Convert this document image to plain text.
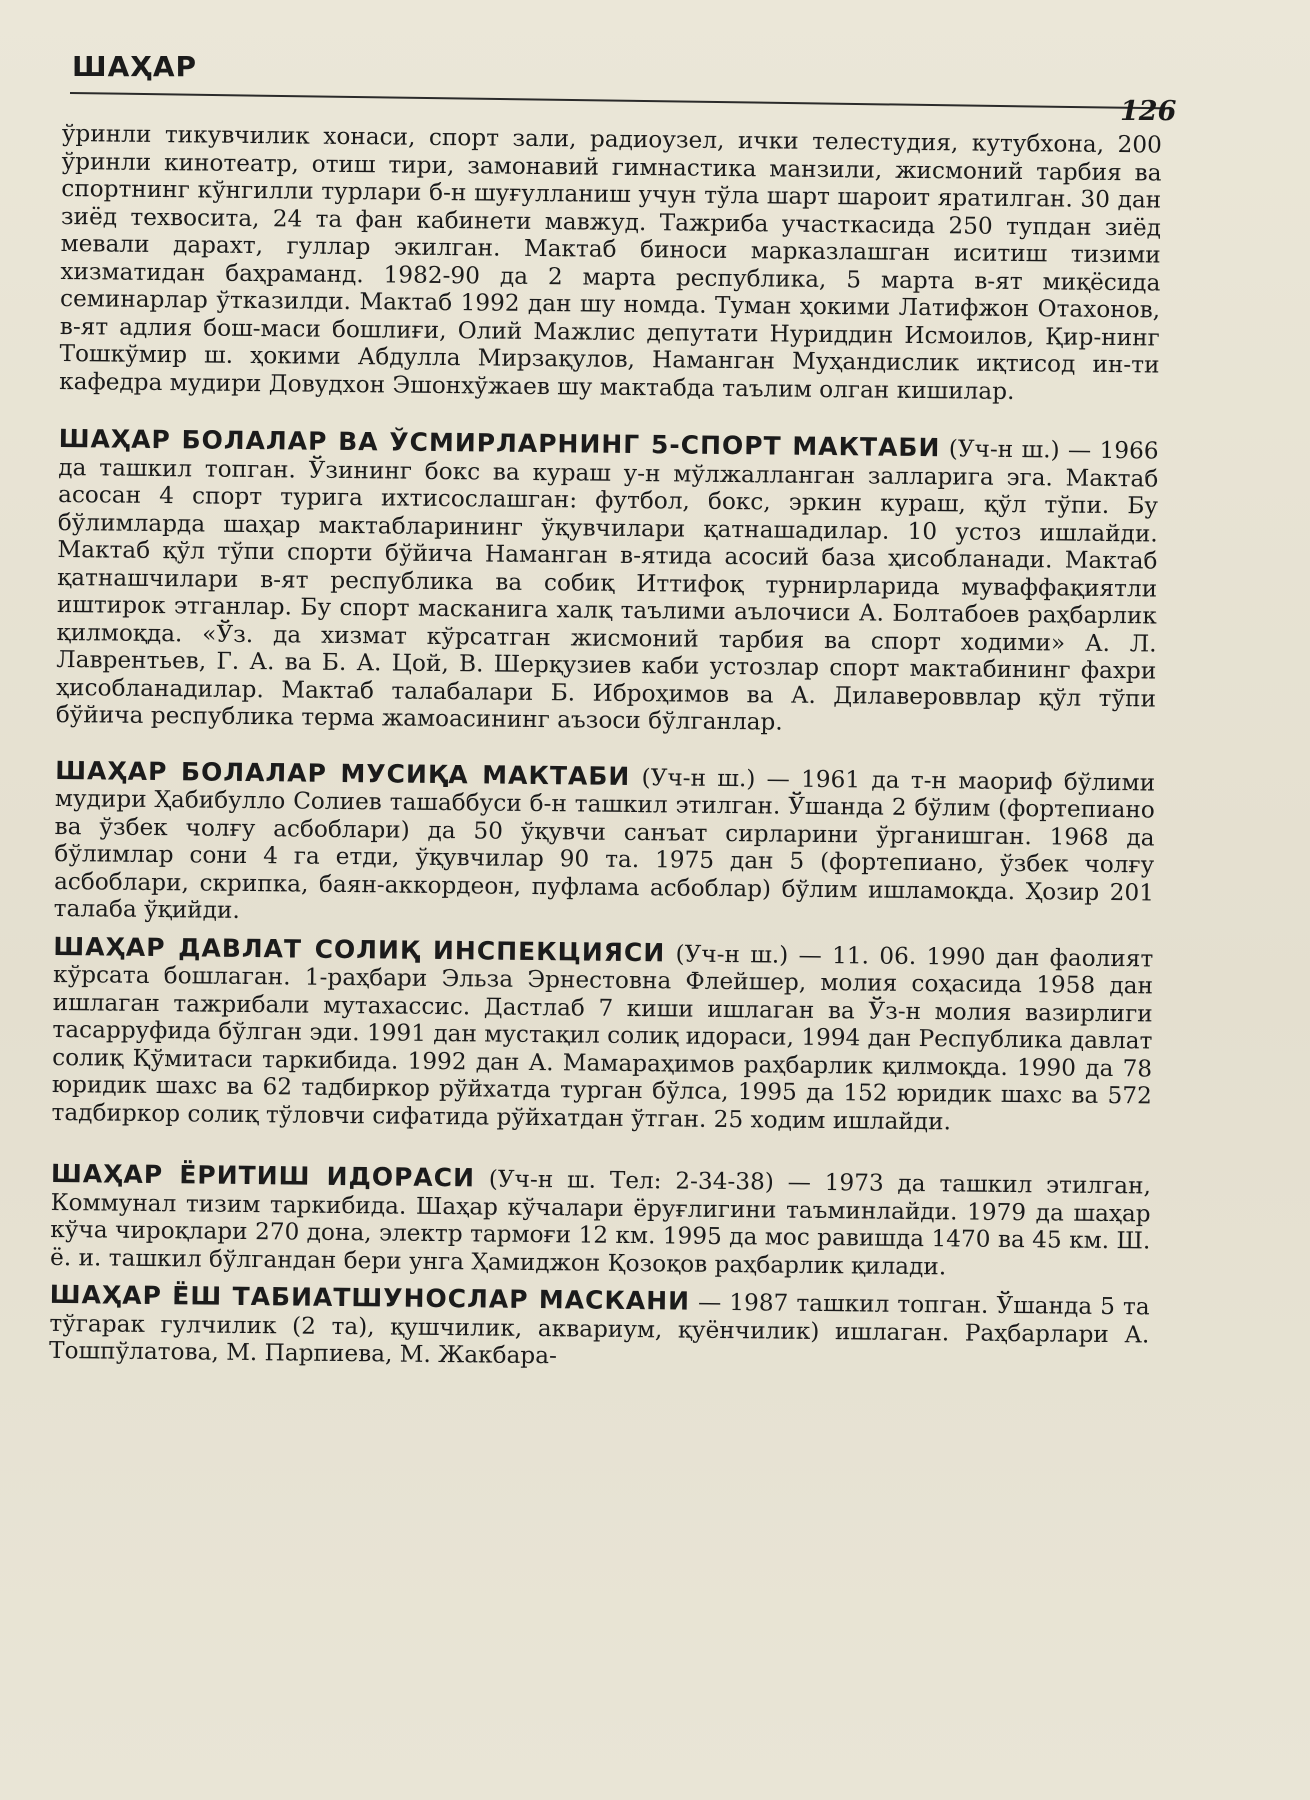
ШАҲАР
126

ўринли тикувчилик хонаси, спорт зали, радиоузел, ички телестудия, кутубхона, 200 ўринли кинотеатр, отиш тири, замонавий гимнастика манзили, жисмоний тарбия ва спортнинг кўнгилли турлари б-н шуғулланиш учун тўла шарт шароит яратилган. 30 дан зиёд техвосита, 24 та фан кабинети мавжуд. Тажриба участкасида 250 тупдан зиёд мевали дарахт, гуллар экилган. Мактаб биноси марказлашган иситиш тизими хизматидан баҳраманд. 1982-90 да 2 марта республика, 5 марта в-ят миқёсида семинарлар ўтказилди. Мактаб 1992 дан шу номда. Туман ҳокими Латифжон Отахонов, в-ят адлия бош-маси бошлиғи, Олий Мажлис депутати Нуриддин Исмоилов, Қир-нинг Тошкўмир ш. ҳокими Абдулла Мирзақулов, Наманган Муҳандислик иқтисод ин-ти кафедра мудири Довудхон Эшонхўжаев шу мактабда таълим олган кишилар.

ШАҲАР БОЛАЛАР ВА ЎСМИРЛАРНИНГ 5-СПОРТ МАКТАБИ (Уч-н ш.) — 1966 да ташкил топган. Ўзининг бокс ва кураш у-н мўлжалланган залларига эга. Мактаб асосан 4 спорт турига ихтисослашган: футбол, бокс, эркин кураш, қўл тўпи. Бу бўлимларда шаҳар мактабларининг ўқувчилари қатнашадилар. 10 устоз ишлайди. Мактаб қўл тўпи спорти бўйича Наманган в-ятида асосий база ҳисобланади. Мактаб қатнашчилари в-ят республика ва собиқ Иттифоқ турнирларида муваффақиятли иштирок этганлар. Бу спорт масканига халқ таълими аълочиси А. Болтабоев раҳбарлик қилмоқда. «Ўз. да хизмат кўрсатган жисмоний тарбия ва спорт ходими» А. Л. Лаврентьев, Г. А. ва Б. А. Цой, В. Шерқузиев каби устозлар спорт мактабининг фахри ҳисобланадилар. Мактаб талабалари Б. Иброҳимов ва А. Дилавероввлар қўл тўпи бўйича республика терма жамоасининг аъзоси бўлганлар.

ШАҲАР БОЛАЛАР МУСИҚА МАКТАБИ (Уч-н ш.) — 1961 да т-н маориф бўлими мудири Ҳабибулло Солиев ташаббуси б-н ташкил этилган. Ўшанда 2 бўлим (фортепиано ва ўзбек чолғу асбоблари) да 50 ўқувчи санъат сирларини ўрганишган. 1968 да бўлимлар сони 4 га етди, ўқувчилар 90 та. 1975 дан 5 (фортепиано, ўзбек чолғу асбоблари, скрипка, баян-аккордеон, пуфлама асбоблар) бўлим ишламоқда. Ҳозир 201 талаба ўқийди.

ШАҲАР ДАВЛАТ СОЛИҚ ИНСПЕКЦИЯСИ (Уч-н ш.) — 11. 06. 1990 дан фаолият кўрсата бошлаган. 1-раҳбари Эльза Эрнестовна Флейшер, молия соҳасида 1958 дан ишлаган тажрибали мутахассис. Дастлаб 7 киши ишлаган ва Ўз-н молия вазирлиги тасарруфида бўлган эди. 1991 дан мустақил солиқ идораси, 1994 дан Республика давлат солиқ Қўмитаси таркибида. 1992 дан А. Мамараҳимов раҳбарлик қилмоқда. 1990 да 78 юридик шахс ва 62 тадбиркор рўйхатда турган бўлса, 1995 да 152 юридик шахс ва 572 тадбиркор солиқ тўловчи сифатида рўйхатдан ўтган. 25 ходим ишлайди.

ШАҲАР ЁРИТИШ ИДОРАСИ (Уч-н ш. Тел: 2-34-38) — 1973 да ташкил этилган, Коммунал тизим таркибида. Шаҳар кўчалари ёруғлигини таъминлайди. 1979 да шаҳар кўча чироқлари 270 дона, электр тармоғи 12 км. 1995 да мос равишда 1470 ва 45 км. Ш. ё. и. ташкил бўлгандан бери унга Ҳамиджон Қозоқов раҳбарлик қилади.

ШАҲАР ЁШ ТАБИАТШУНОСЛАР МАСКАНИ — 1987 ташкил топган. Ўшанда 5 та тўгарак гулчилик (2 та), қушчилик, аквариум, қуёнчилик) ишлаган. Раҳбарлари А. Тошпўлатова, М. Парпиева, М. Жакбара-
